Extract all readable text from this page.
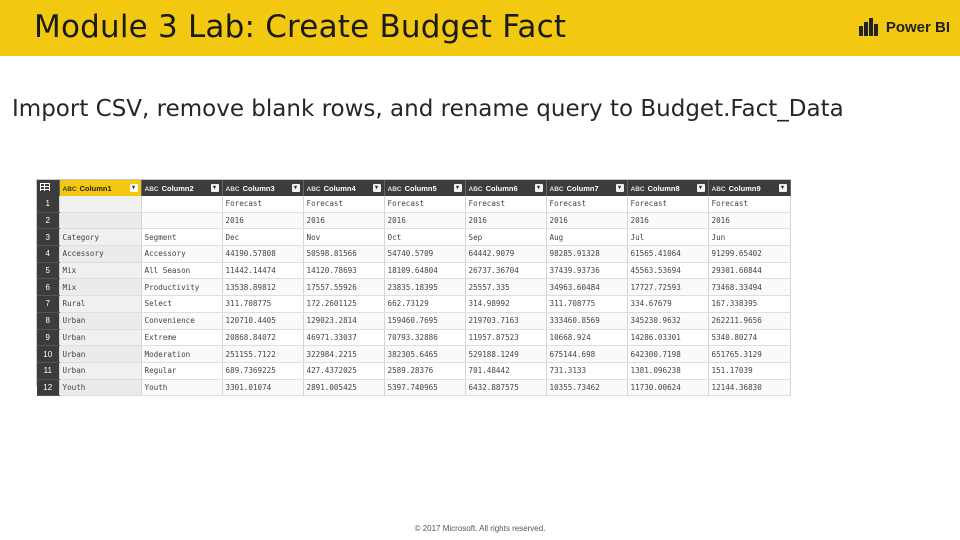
Module 3 Lab: Create Budget Fact	Power BI
Import CSV, remove blank rows, and rename query to Budget.Fact_Data
	ABC Column1 ▾	ABC Column2 ▾	ABC Column3 ▾	ABC Column4 ▾	ABC Column5 ▾	ABC Column6 ▾	ABC Column7 ▾	ABC Column8 ▾	ABC Column9 ▾

1			Forecast	Forecast	Forecast	Forecast	Forecast	Forecast	Forecast
2			2016	2016	2016	2016	2016	2016	2016
3	Category	Segment	Dec	Nov	Oct	Sep	Aug	Jul	Jun
4	Accessory	Accessory	44190.57808	50598.81566	54740.5709	64442.9079	98285.91328	61565.41064	91299.65402
5	Mix	All Season	11442.14474	14120.78693	18109.64804	26737.36704	37439.93736	45563.53694	29301.60844
6	Mix	Productivity	13538.89812	17557.55926	23835.18395	25557.335	34963.60484	17727.72593	73468.33494
7	Rural	Select	311.708775	172.2601125	662.73129	314.98992	311.708775	334.67679	167.338395
8	Urban	Convenience	120710.4405	129023.2814	159460.7695	219703.7163	333460.8569	345230.9632	262211.9656
9	Urban	Extreme	20868.84072	46971.33037	70793.32886	11957.87523	10668.924	14286.03301	5340.80274
10	Urban	Moderation	251155.7122	322984.2215	382305.6465	529188.1249	675144.698	642300.7198	651765.3129
11	Urban	Regular	689.7369225	427.4372025	2589.28376	701.48442	731.3133	1381.096238	151.17039
12	Youth	Youth	3301.01074	2891.005425	5397.740965	6432.887575	10355.73462	11730.00624	12144.36830
© 2017 Microsoft. All rights reserved.
